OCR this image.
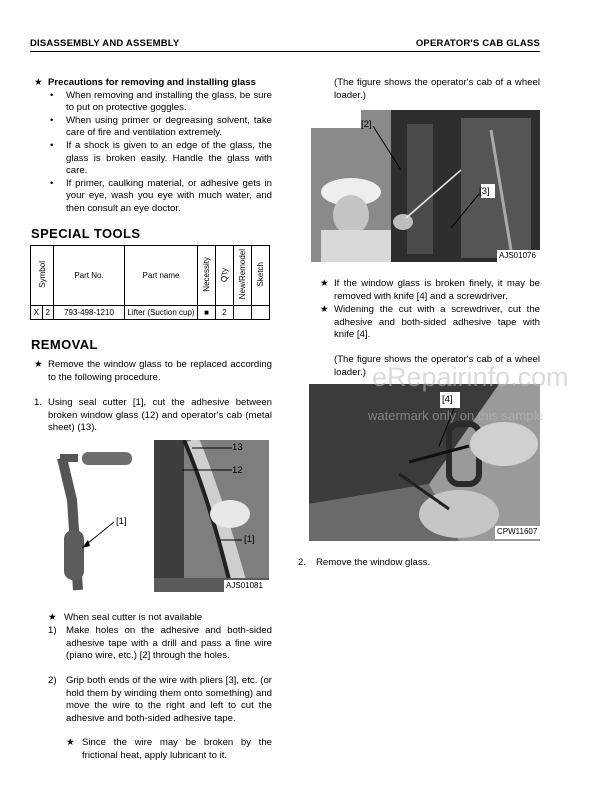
DISASSEMBLY AND ASSEMBLY	OPERATOR'S CAB GLASS
★ Precautions for removing and installing glass
• When removing and installing the glass, be sure to put on protective goggles.
• When using primer or degreasing solvent, take care of fire and ventilation extremely.
• If a shock is given to an edge of the glass, the glass is broken easily. Handle the glass with care.
• If primer, caulking material, or adhesive gets in your eye, wash you eye with much water, and then consult an eye doctor.
SPECIAL TOOLS
Symbol		Part No.	Part name	Necessity	Q'ty	New/Remodel	Sketch
X	2	793-498-1210	Lifter (Suction cup)	■	2		
REMOVAL
★ Remove the window glass to be replaced according to the following procedure.
1. Using seal cutter [1], cut the adhesive between broken window glass (12) and operator's cab (metal sheet) (13).
13
12
[1]
[1]
AJS01081
★ When seal cutter is not available
1) Make holes on the adhesive and both-sided adhesive tape with a drill and pass a fine wire (piano wire, etc.) [2] through the holes.
2) Grip both ends of the wire with pliers [3], etc. (or hold them by winding them onto something) and move the wire to the right and left to cut the adhesive and both-sided adhesive tape.
★ Since the wire may be broken by the frictional heat, apply lubricant to it.
(The figure shows the operator's cab of a wheel loader.)
[2]
[3]
AJS01076
★ If the window glass is broken finely, it may be removed with knife [4] and a screwdriver.
★ Widening the cut with a screwdriver, cut the adhesive and both-sided adhesive tape with knife [4].
(The figure shows the operator's cab of a wheel loader.)
[4]
CPW11607
2. Remove the window glass.
eRepairinfo.com
watermark only on this sample
